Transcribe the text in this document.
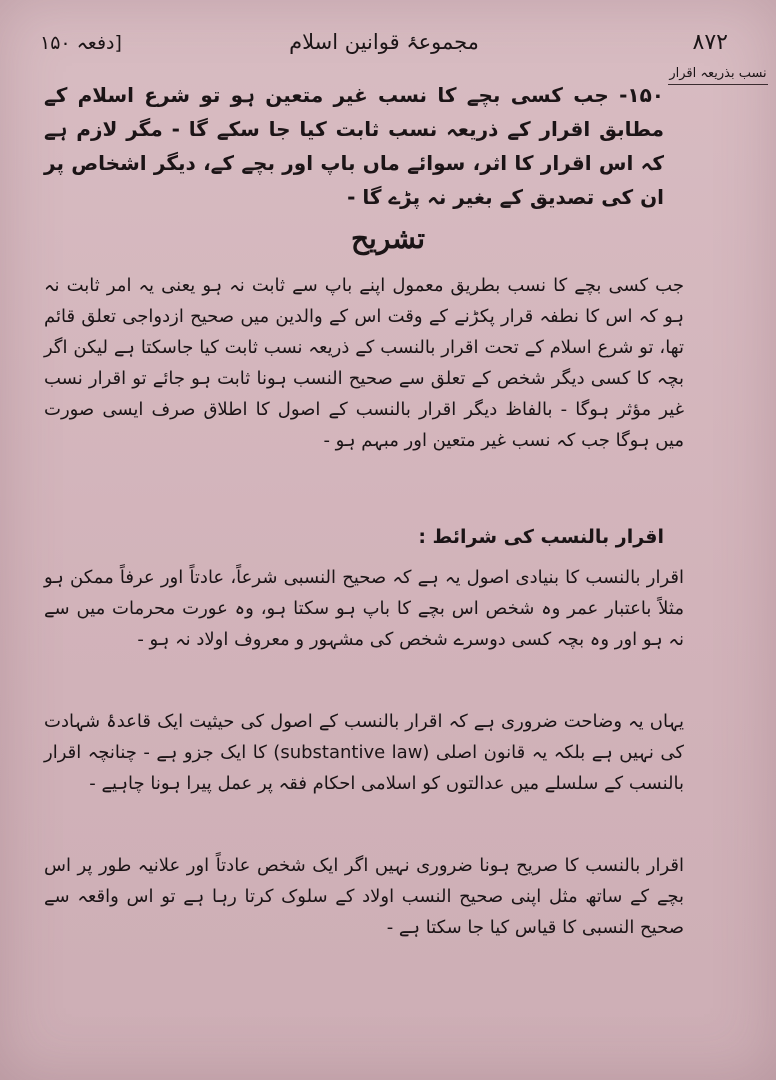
۸۷۲
مجموعۂ قوانین اسلام
[دفعہ ۱۵۰
نسب بذریعہ اقرار
۱۵۰- جب کسی بچے کا نسب غیر متعین ہو تو شرع اسلام کے مطابق اقرار کے ذریعہ نسب ثابت کیا جا سکے گا - مگر لازم ہے کہ اس اقرار کا اثر، سوائے ماں باپ اور بچے کے، دیگر اشخاص پر ان کی تصدیق کے بغیر نہ پڑے گا -
تشریح
جب کسی بچے کا نسب بطریق معمول اپنے باپ سے ثابت نہ ہو یعنی یہ امر ثابت نہ ہو کہ اس کا نطفہ قرار پکڑنے کے وقت اس کے والدین میں صحیح ازدواجی تعلق قائم تھا، تو شرع اسلام کے تحت اقرار بالنسب کے ذریعہ نسب ثابت کیا جاسکتا ہے لیکن اگر بچہ کا کسی دیگر شخص کے تعلق سے صحیح النسب ہونا ثابت ہو جائے تو اقرار نسب غیر مؤثر ہوگا - بالفاظ دیگر اقرار بالنسب کے اصول کا اطلاق صرف ایسی صورت میں ہوگا جب کہ نسب غیر متعین اور مبہم ہو -
اقرار بالنسب کی شرائط :
اقرار بالنسب کا بنیادی اصول یہ ہے کہ صحیح النسبی شرعاً، عادتاً اور عرفاً ممکن ہو مثلاً باعتبار عمر وہ شخص اس بچے کا باپ ہو سکتا ہو، وہ عورت محرمات میں سے نہ ہو اور وہ بچہ کسی دوسرے شخص کی مشہور و معروف اولاد نہ ہو -
یہاں یہ وضاحت ضروری ہے کہ اقرار بالنسب کے اصول کی حیثیت ایک قاعدۂ شہادت کی نہیں ہے بلکہ یہ قانون اصلی (substantive law) کا ایک جزو ہے - چنانچہ اقرار بالنسب کے سلسلے میں عدالتوں کو اسلامی احکام فقہ پر عمل پیرا ہونا چاہیے -
اقرار بالنسب کا صریح ہونا ضروری نہیں اگر ایک شخص عادتاً اور علانیہ طور پر اس بچے کے ساتھ مثل اپنی صحیح النسب اولاد کے سلوک کرتا رہا ہے تو اس واقعہ سے صحیح النسبی کا قیاس کیا جا سکتا ہے -
